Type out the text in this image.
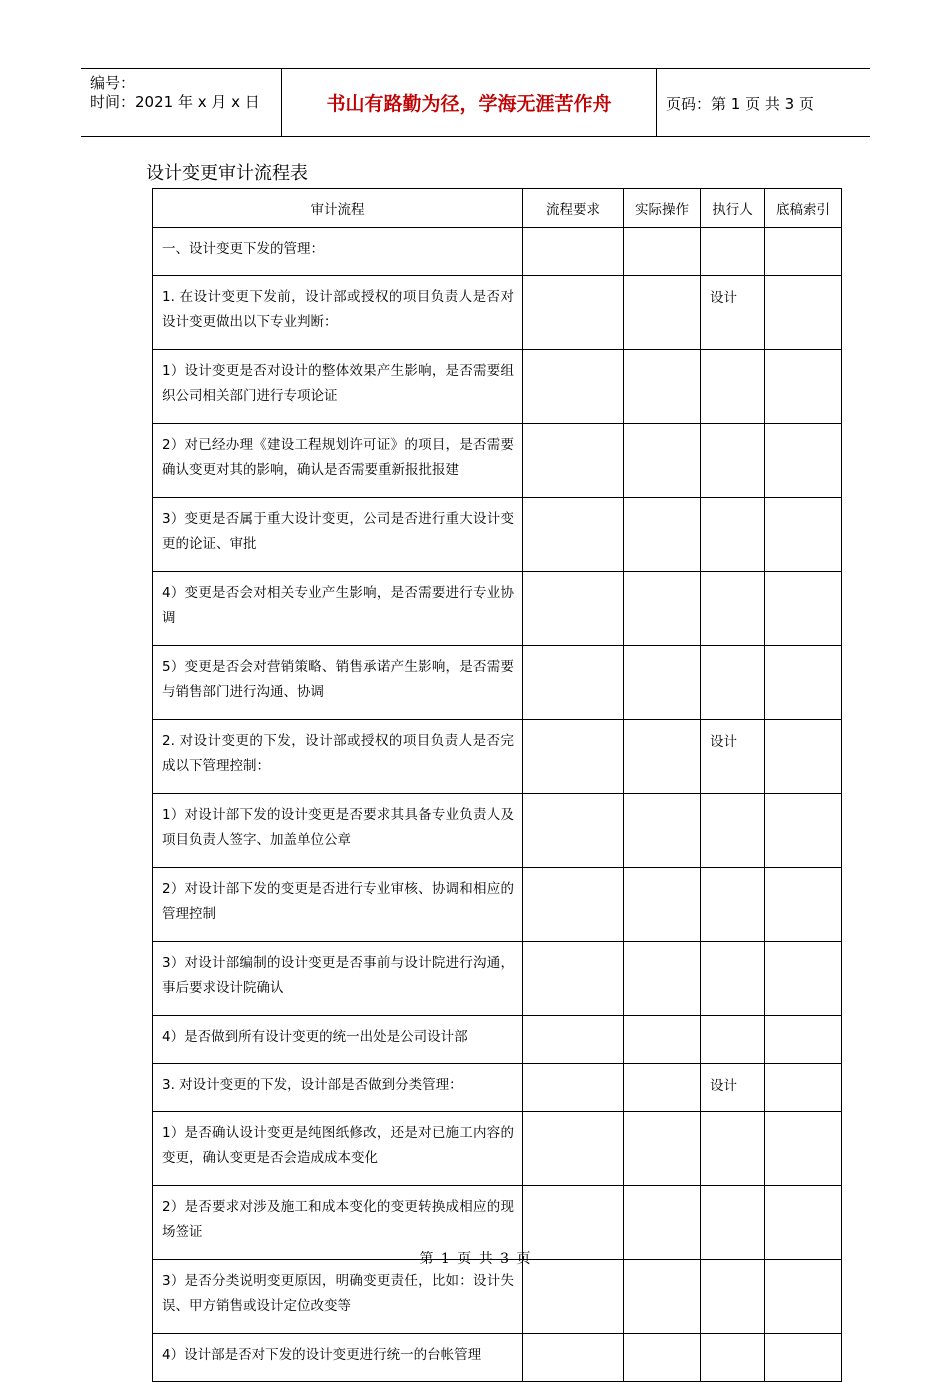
编号：
时间：2021 年 x 月 x 日	书山有路勤为径，学海无涯苦作舟	页码：第 1 页 共 3 页
设计变更审计流程表
审计流程	流程要求	实际操作	执行人	底稿索引
一、设计变更下发的管理：				
1. 在设计变更下发前，设计部或授权的项目负责人是否对设计变更做出以下专业判断：			设计	
1）设计变更是否对设计的整体效果产生影响，是否需要组织公司相关部门进行专项论证				
2）对已经办理《建设工程规划许可证》的项目，是否需要确认变更对其的影响，确认是否需要重新报批报建				
3）变更是否属于重大设计变更，公司是否进行重大设计变更的论证、审批				
4）变更是否会对相关专业产生影响，是否需要进行专业协调				
5）变更是否会对营销策略、销售承诺产生影响，是否需要与销售部门进行沟通、协调				
2. 对设计变更的下发，设计部或授权的项目负责人是否完成以下管理控制：			设计	
1）对设计部下发的设计变更是否要求其具备专业负责人及项目负责人签字、加盖单位公章				
2）对设计部下发的变更是否进行专业审核、协调和相应的管理控制				
3）对设计部编制的设计变更是否事前与设计院进行沟通，事后要求设计院确认				
4）是否做到所有设计变更的统一出处是公司设计部				
3. 对设计变更的下发，设计部是否做到分类管理：			设计	
1）是否确认设计变更是纯图纸修改，还是对已施工内容的变更，确认变更是否会造成成本变化				
2）是否要求对涉及施工和成本变化的变更转换成相应的现场签证				
3）是否分类说明变更原因，明确变更责任，比如：设计失误、甲方销售或设计定位改变等				
4）设计部是否对下发的设计变更进行统一的台帐管理				
第 1 页 共 3 页
